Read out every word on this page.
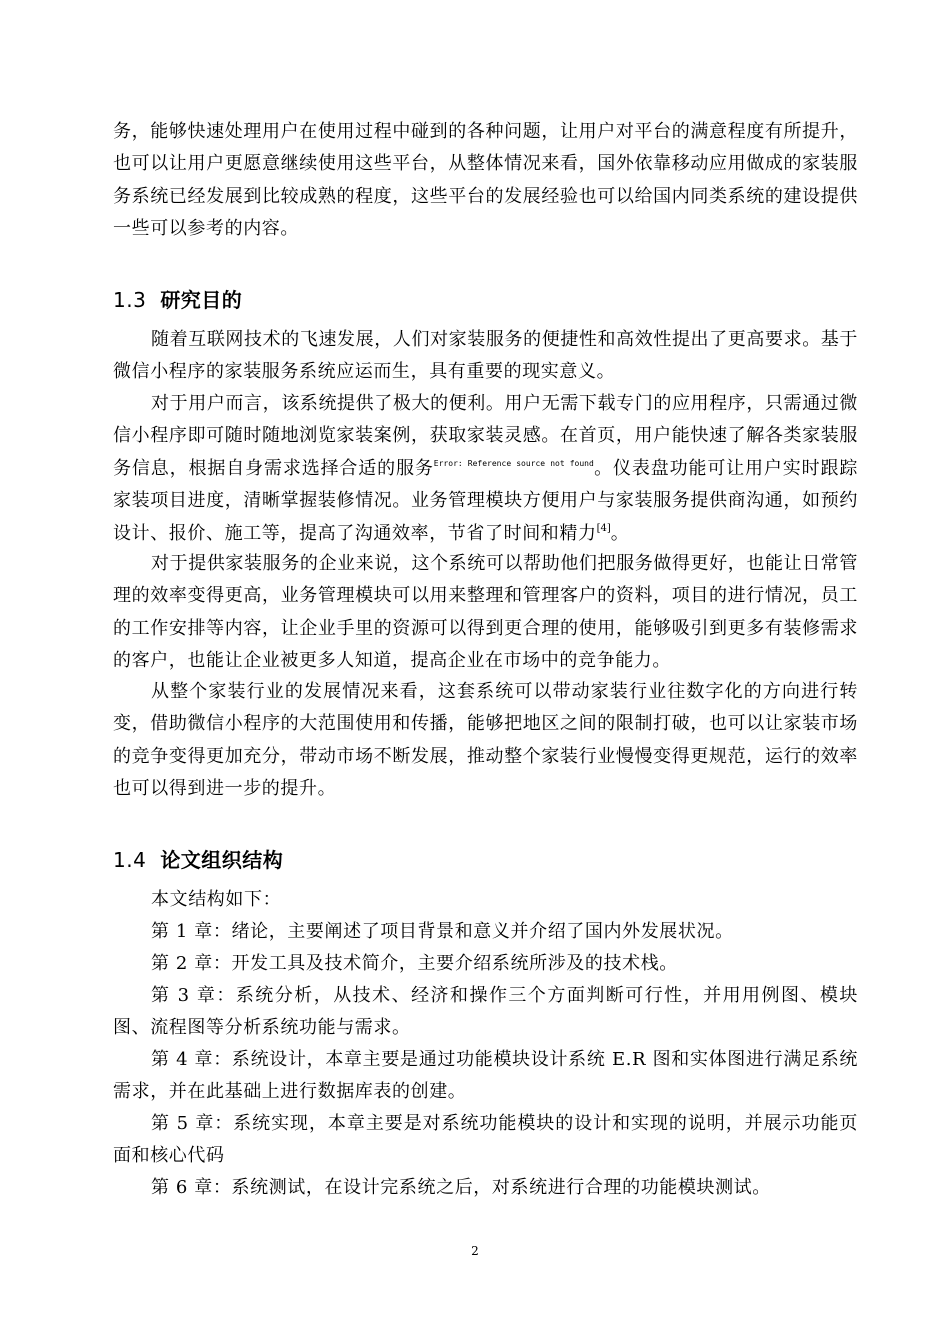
务，能够快速处理用户在使用过程中碰到的各种问题，让用户对平台的满意程度有所提升，也可以让用户更愿意继续使用这些平台，从整体情况来看，国外依靠移动应用做成的家装服务系统已经发展到比较成熟的程度，这些平台的发展经验也可以给国内同类系统的建设提供一些可以参考的内容。

1.3 研究目的

随着互联网技术的飞速发展，人们对家装服务的便捷性和高效性提出了更高要求。基于微信小程序的家装服务系统应运而生，具有重要的现实意义。

对于用户而言，该系统提供了极大的便利。用户无需下载专门的应用程序，只需通过微信小程序即可随时随地浏览家装案例，获取家装灵感。在首页，用户能快速了解各类家装服务信息，根据自身需求选择合适的服务$^{Error: Reference source not found}$。仪表盘功能可让用户实时跟踪家装项目进度，清晰掌握装修情况。业务管理模块方便用户与家装服务提供商沟通，如预约设计、报价、施工等，提高了沟通效率，节省了时间和精力[4]。

对于提供家装服务的企业来说，这个系统可以帮助他们把服务做得更好，也能让日常管理的效率变得更高，业务管理模块可以用来整理和管理客户的资料，项目的进行情况，员工的工作安排等内容，让企业手里的资源可以得到更合理的使用，能够吸引到更多有装修需求的客户，也能让企业被更多人知道，提高企业在市场中的竞争能力。

从整个家装行业的发展情况来看，这套系统可以带动家装行业往数字化的方向进行转变，借助微信小程序的大范围使用和传播，能够把地区之间的限制打破，也可以让家装市场的竞争变得更加充分，带动市场不断发展，推动整个家装行业慢慢变得更规范，运行的效率也可以得到进一步的提升。

1.4 论文组织结构

本文结构如下：

第 1 章：绪论，主要阐述了项目背景和意义并介绍了国内外发展状况。

第 2 章：开发工具及技术简介，主要介绍系统所涉及的技术栈。

第 3 章：系统分析，从技术、经济和操作三个方面判断可行性，并用用例图、模块图、流程图等分析系统功能与需求。

第 4 章：系统设计，本章主要是通过功能模块设计系统 E.R 图和实体图进行满足系统需求，并在此基础上进行数据库表的创建。

第 5 章：系统实现，本章主要是对系统功能模块的设计和实现的说明，并展示功能页面和核心代码

第 6 章：系统测试，在设计完系统之后，对系统进行合理的功能模块测试。

2
